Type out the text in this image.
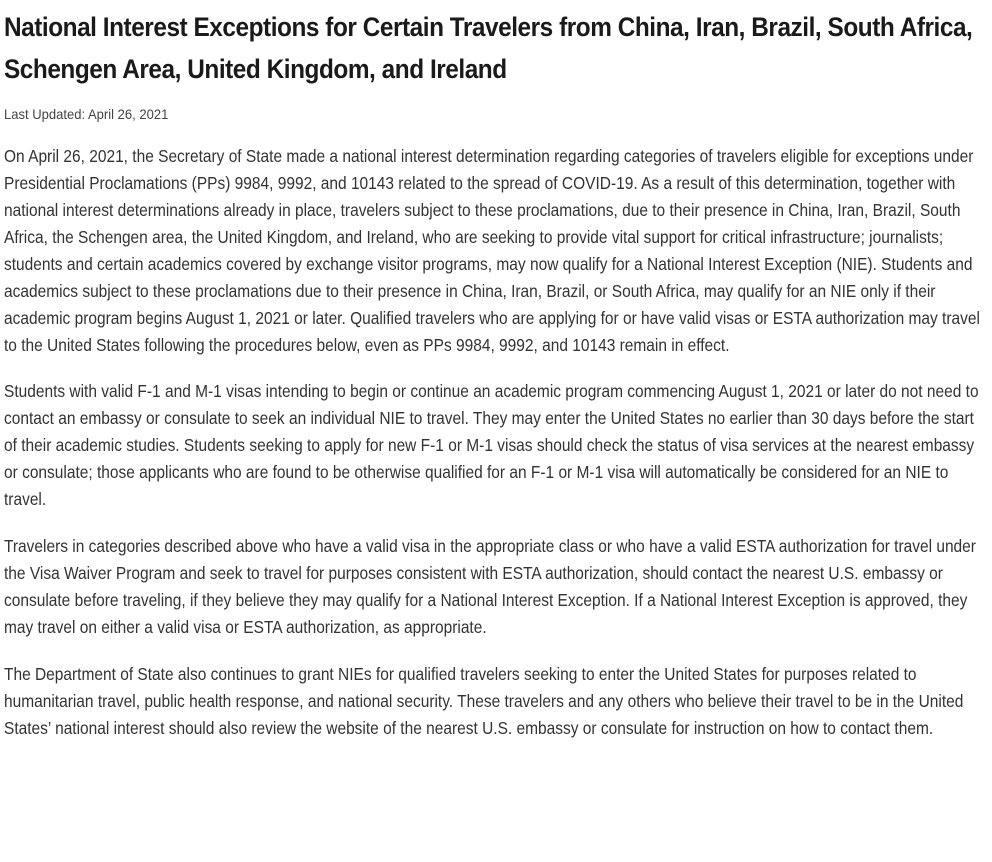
National Interest Exceptions for Certain Travelers from China, Iran, Brazil, South Africa, Schengen Area, United Kingdom, and Ireland
Last Updated: April 26, 2021

On April 26, 2021, the Secretary of State made a national interest determination regarding categories of travelers eligible for exceptions under Presidential Proclamations (PPs) 9984, 9992, and 10143 related to the spread of COVID-19. As a result of this determination, together with national interest determinations already in place, travelers subject to these proclamations, due to their presence in China, Iran, Brazil, South Africa, the Schengen area, the United Kingdom, and Ireland, who are seeking to provide vital support for critical infrastructure; journalists; students and certain academics covered by exchange visitor programs, may now qualify for a National Interest Exception (NIE). Students and academics subject to these proclamations due to their presence in China, Iran, Brazil, or South Africa, may qualify for an NIE only if their academic program begins August 1, 2021 or later. Qualified travelers who are applying for or have valid visas or ESTA authorization may travel to the United States following the procedures below, even as PPs 9984, 9992, and 10143 remain in effect.

Students with valid F-1 and M-1 visas intending to begin or continue an academic program commencing August 1, 2021 or later do not need to contact an embassy or consulate to seek an individual NIE to travel. They may enter the United States no earlier than 30 days before the start of their academic studies. Students seeking to apply for new F-1 or M-1 visas should check the status of visa services at the nearest embassy or consulate; those applicants who are found to be otherwise qualified for an F-1 or M-1 visa will automatically be considered for an NIE to travel.

Travelers in categories described above who have a valid visa in the appropriate class or who have a valid ESTA authorization for travel under the Visa Waiver Program and seek to travel for purposes consistent with ESTA authorization, should contact the nearest U.S. embassy or consulate before traveling, if they believe they may qualify for a National Interest Exception. If a National Interest Exception is approved, they may travel on either a valid visa or ESTA authorization, as appropriate.

The Department of State also continues to grant NIEs for qualified travelers seeking to enter the United States for purposes related to humanitarian travel, public health response, and national security. These travelers and any others who believe their travel to be in the United States’ national interest should also review the website of the nearest U.S. embassy or consulate for instruction on how to contact them.
